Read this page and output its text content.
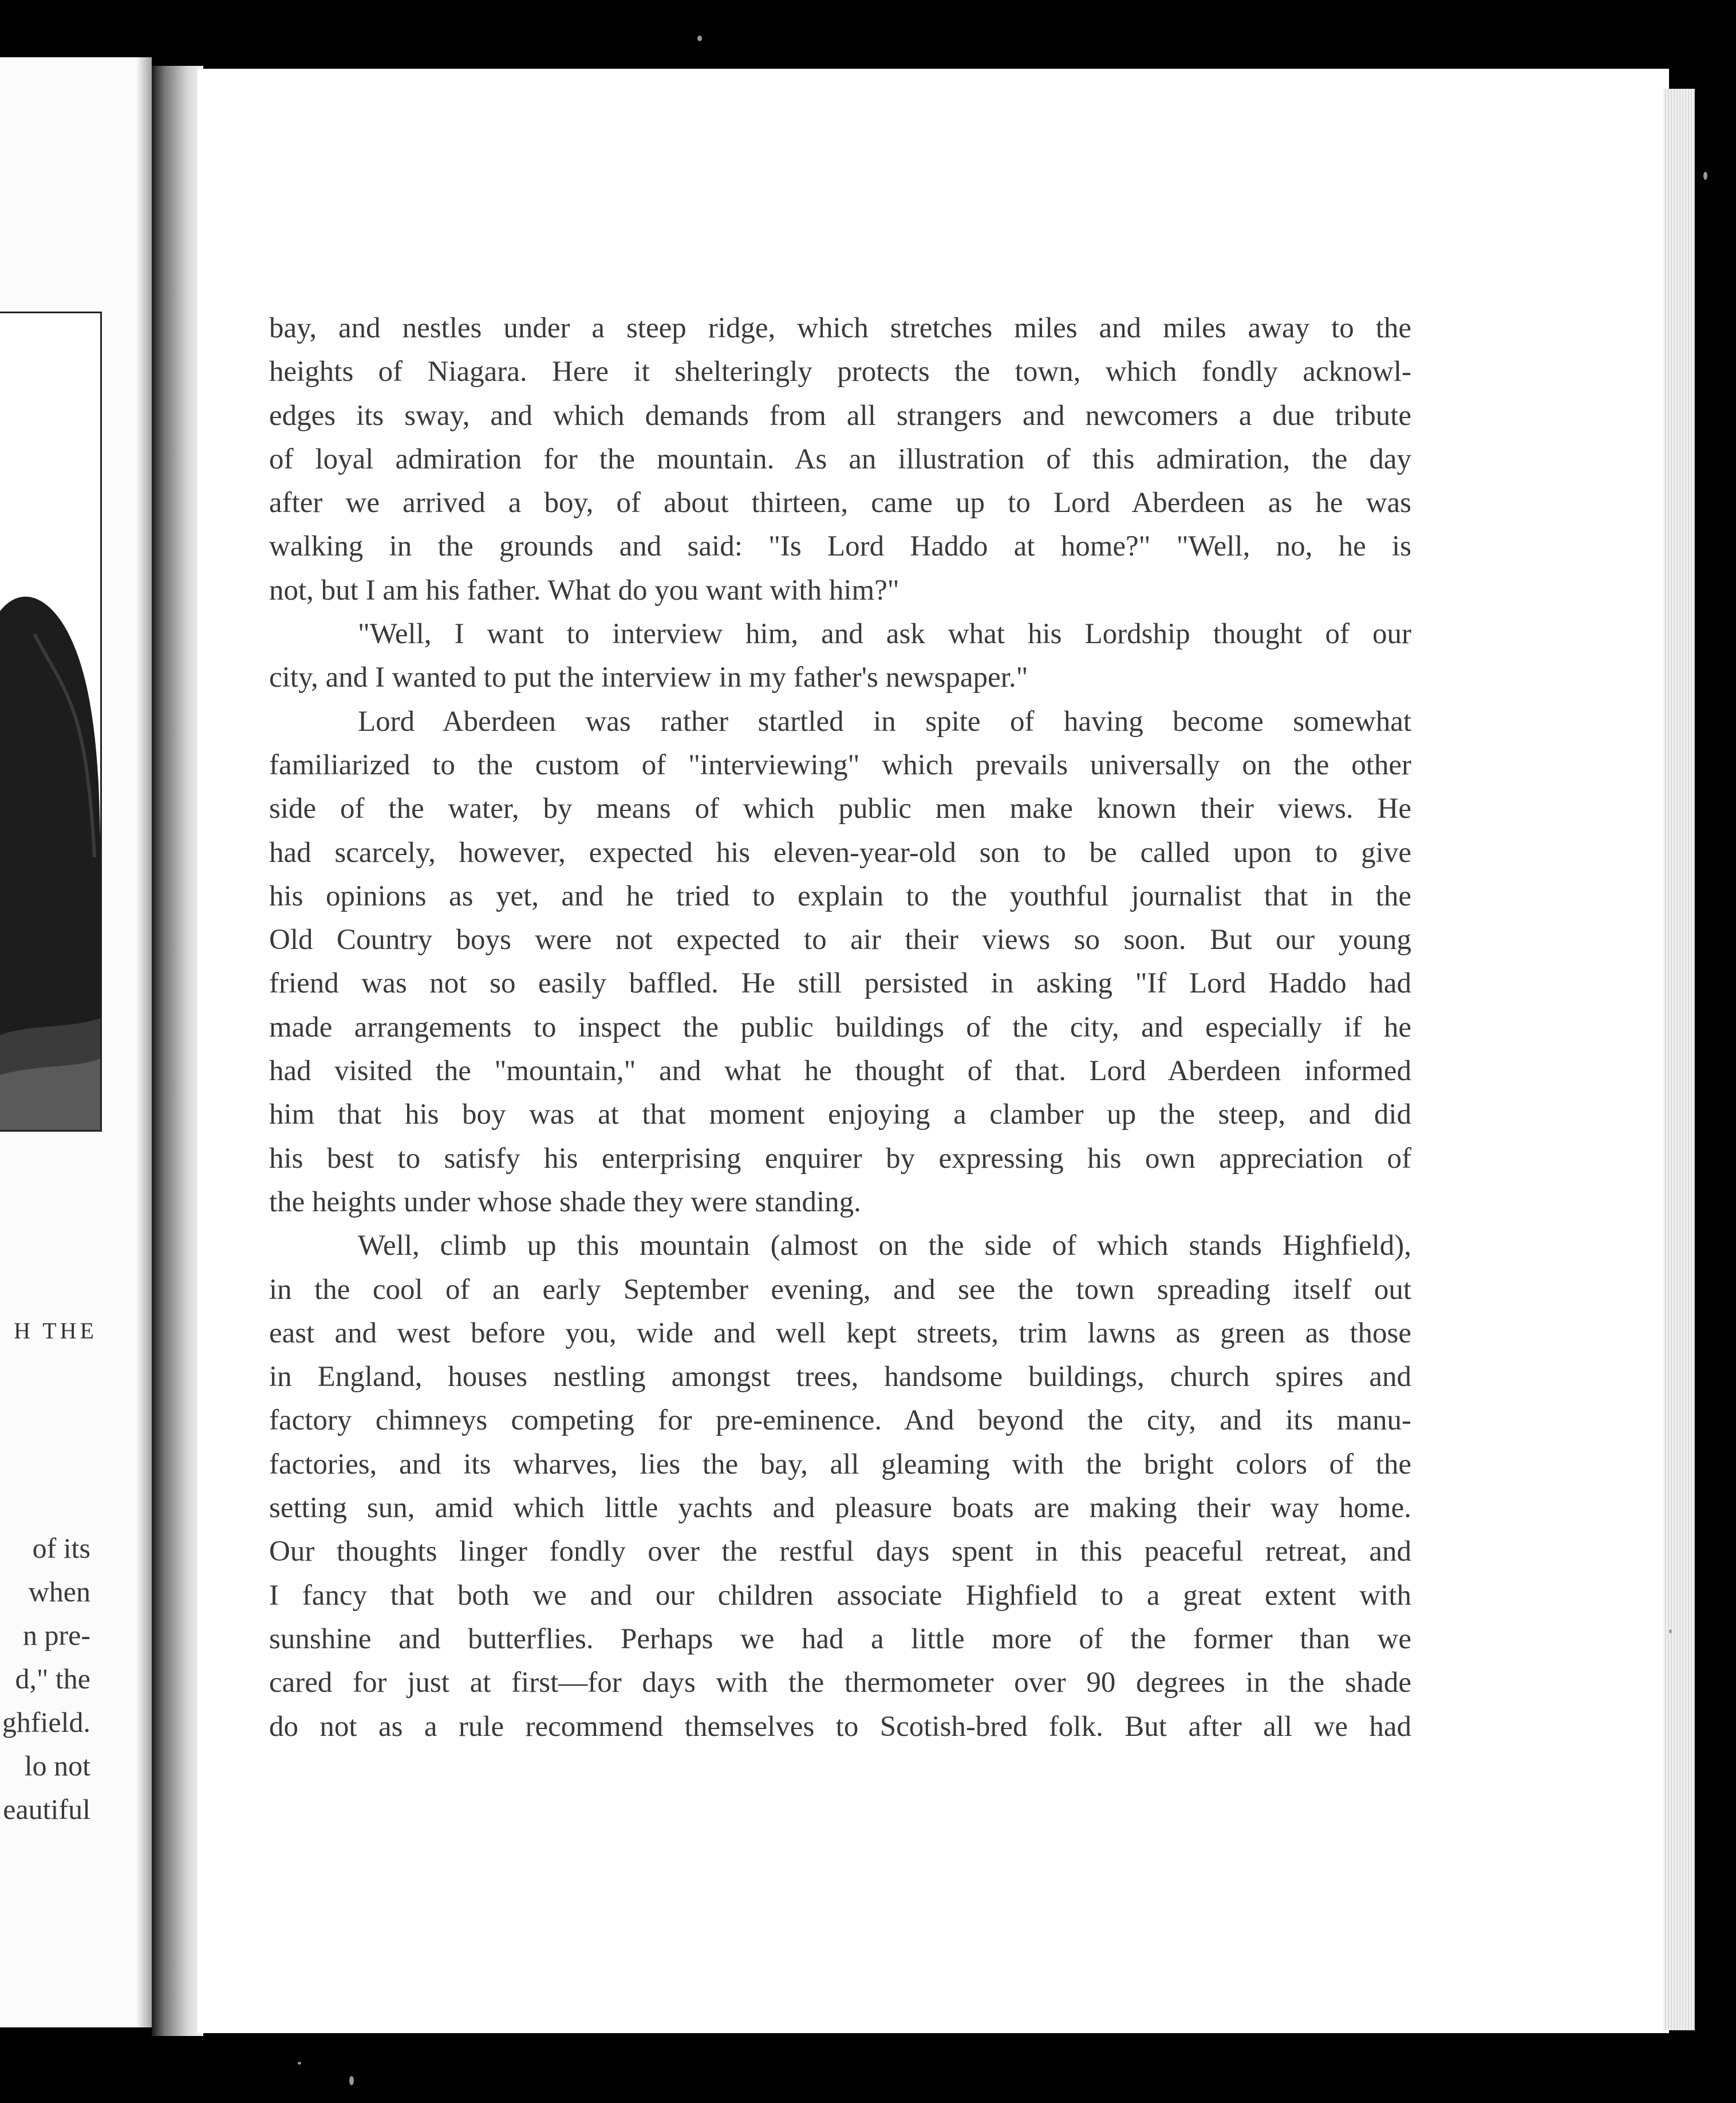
H THE
of its
when
n pre-
d," the
ghfield.
lo not
eautiful
bay, and nestles under a steep ridge, which stretches miles and miles away to the
heights of Niagara. Here it shelteringly protects the town, which fondly acknowl-
edges its sway, and which demands from all strangers and newcomers a due tribute
of loyal admiration for the mountain. As an illustration of this admiration, the day
after we arrived a boy, of about thirteen, came up to Lord Aberdeen as he was
walking in the grounds and said: "Is Lord Haddo at home?" "Well, no, he is
not, but I am his father. What do you want with him?"
"Well, I want to interview him, and ask what his Lordship thought of our
city, and I wanted to put the interview in my father's newspaper."
Lord Aberdeen was rather startled in spite of having become somewhat
familiarized to the custom of "interviewing" which prevails universally on the other
side of the water, by means of which public men make known their views. He
had scarcely, however, expected his eleven-year-old son to be called upon to give
his opinions as yet, and he tried to explain to the youthful journalist that in the
Old Country boys were not expected to air their views so soon. But our young
friend was not so easily baffled. He still persisted in asking "If Lord Haddo had
made arrangements to inspect the public buildings of the city, and especially if he
had visited the "mountain," and what he thought of that. Lord Aberdeen informed
him that his boy was at that moment enjoying a clamber up the steep, and did
his best to satisfy his enterprising enquirer by expressing his own appreciation of
the heights under whose shade they were standing.
Well, climb up this mountain (almost on the side of which stands Highfield),
in the cool of an early September evening, and see the town spreading itself out
east and west before you, wide and well kept streets, trim lawns as green as those
in England, houses nestling amongst trees, handsome buildings, church spires and
factory chimneys competing for pre-eminence. And beyond the city, and its manu-
factories, and its wharves, lies the bay, all gleaming with the bright colors of the
setting sun, amid which little yachts and pleasure boats are making their way home.
Our thoughts linger fondly over the restful days spent in this peaceful retreat, and
I fancy that both we and our children associate Highfield to a great extent with
sunshine and butterflies. Perhaps we had a little more of the former than we
cared for just at first—for days with the thermometer over 90 degrees in the shade
do not as a rule recommend themselves to Scotish-bred folk. But after all we had
